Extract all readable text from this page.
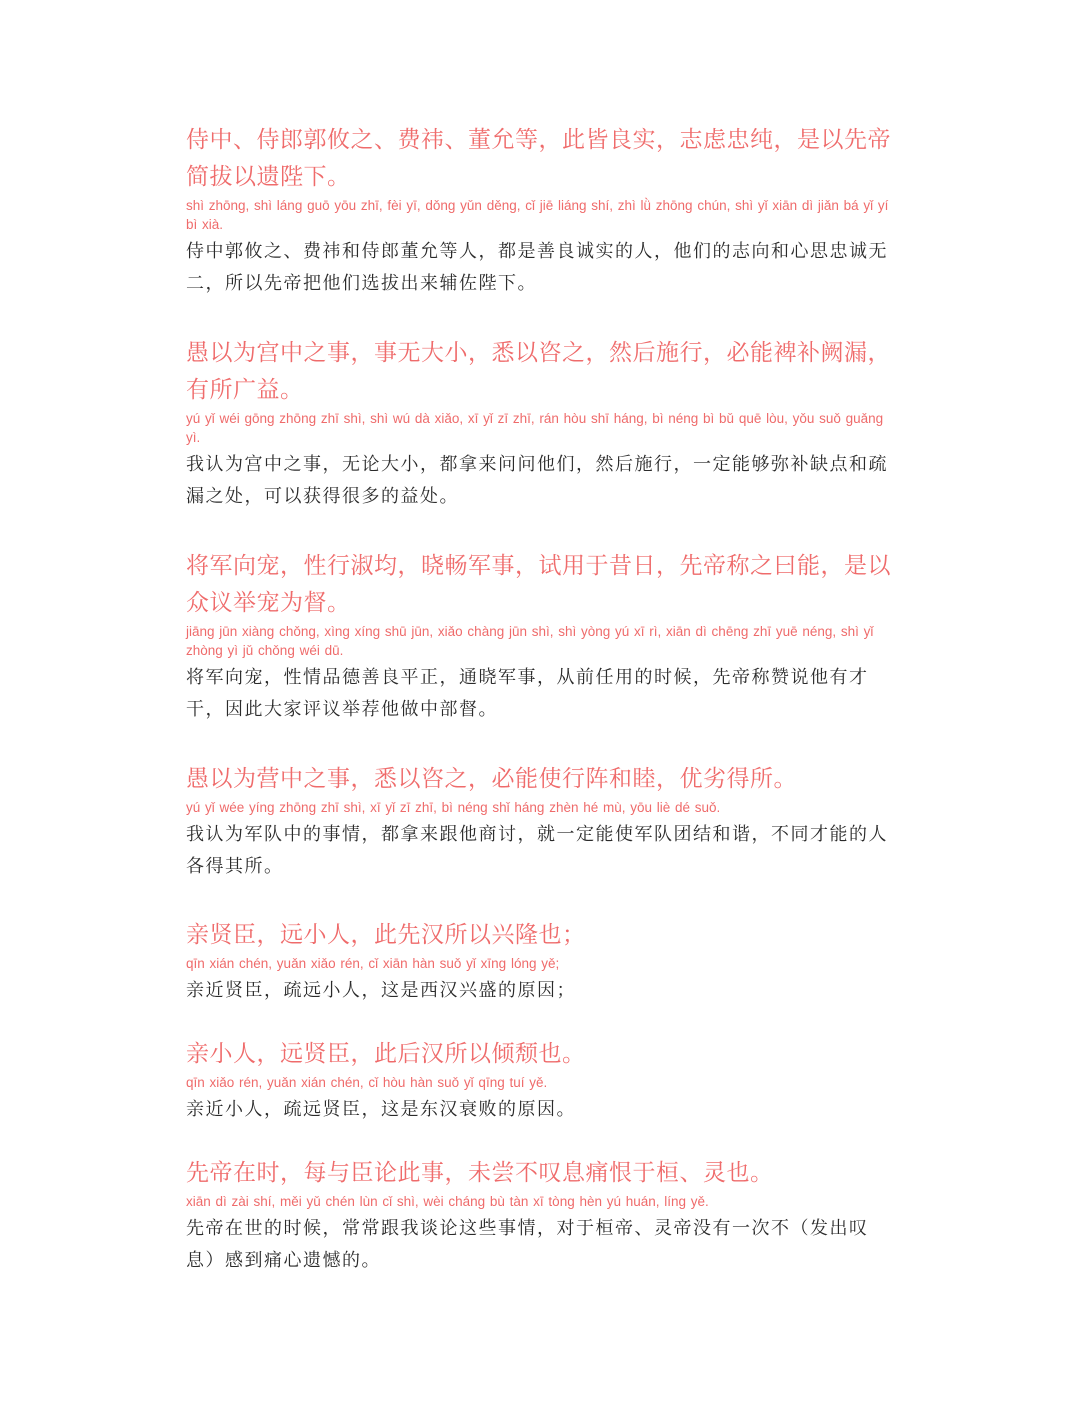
侍中、侍郎郭攸之、费祎、董允等，此皆良实，志虑忠纯，是以先帝简拔以遗陛下。

shì zhōng, shì láng guō yōu zhī, fèi yī, dǒng yǔn děng, cǐ jiē liáng shí, zhì lǜ zhōng chún, shì yǐ xiān dì jiǎn bá yǐ yí bì xià.

侍中郭攸之、费祎和侍郎董允等人，都是善良诚实的人，他们的志向和心思忠诚无二，所以先帝把他们选拔出来辅佐陛下。

愚以为宫中之事，事无大小，悉以咨之，然后施行，必能裨补阙漏，有所广益。

yú yǐ wéi gōng zhōng zhī shì, shì wú dà xiǎo, xī yǐ zī zhī, rán hòu shī háng, bì néng bì bǔ quē lòu, yǒu suǒ guǎng yì.

我认为宫中之事，无论大小，都拿来问问他们，然后施行，一定能够弥补缺点和疏漏之处，可以获得很多的益处。

将军向宠，性行淑均，晓畅军事，试用于昔日，先帝称之曰能，是以众议举宠为督。

jiāng jūn xiàng chǒng, xìng xíng shū jūn, xiǎo chàng jūn shì, shì yòng yú xī rì, xiān dì chēng zhī yuē néng, shì yǐ zhòng yì jǔ chǒng wéi dū.

将军向宠，性情品德善良平正，通晓军事，从前任用的时候，先帝称赞说他有才干，因此大家评议举荐他做中部督。

愚以为营中之事，悉以咨之，必能使行阵和睦，优劣得所。

yú yǐ wée yíng zhōng zhī shì, xī yǐ zī zhī, bì néng shǐ háng zhèn hé mù, yōu liè dé suǒ.

我认为军队中的事情，都拿来跟他商讨，就一定能使军队团结和谐，不同才能的人各得其所。

亲贤臣，远小人，此先汉所以兴隆也；

qīn xián chén, yuǎn xiǎo rén, cǐ xiān hàn suǒ yǐ xīng lóng yě;

亲近贤臣，疏远小人，这是西汉兴盛的原因；

亲小人，远贤臣，此后汉所以倾颓也。

qīn xiǎo rén, yuǎn xián chén, cǐ hòu hàn suǒ yǐ qīng tuí yě.

亲近小人，疏远贤臣，这是东汉衰败的原因。

先帝在时，每与臣论此事，未尝不叹息痛恨于桓、灵也。

xiān dì zài shí, měi yǔ chén lùn cǐ shì, wèi cháng bù tàn xī tòng hèn yú huán, líng yě.

先帝在世的时候，常常跟我谈论这些事情，对于桓帝、灵帝没有一次不（发出叹息）感到痛心遗憾的。
